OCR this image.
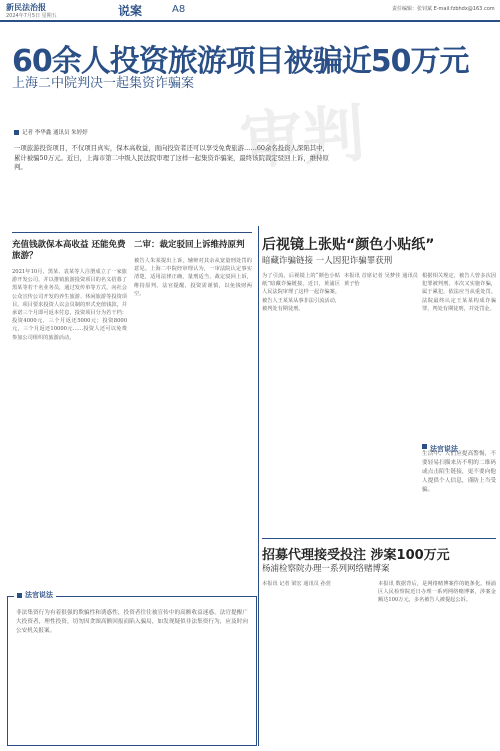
新民法治报
2024年7月5日 星期五	说案	A8	责任编辑：张钊斌 E-mail:fzbhdx@163.com
审判
60余人投资旅游项目被骗近50万元
上海二中院判决一起集资诈骗案
记者 李华鑫 通讯员 朱婷婷
一项旅游投资项目，不仅项目真实，保本高收益，面向投资者还可以享受免费旅游……60余名投资人深陷其中，累计被骗50万元。近日，上海市第二中级人民法院审理了这样一起集资诈骗案，最终该院裁定驳回上诉，维持原判。
充值钱款保本高收益 还能免费旅游？
2021年10月，黑某、袁某等人注册成立了一家旅游开发公司，并以推销旅游投资项目的名义招募了黑某等若干名业务员，通过发传单等方式，向社会公众宣传公司开发的养生旅游、休闲旅游等投资项目。项目要求投资人以会员制的形式充值钱款，并承诺三个月即可返本付息，投资项目分为若干档：投资4000元，三个月返还5000元；投资8000元，三个月返还10000元……投资人还可以免费参加公司组织的旅游活动。
二审：裁定驳回上诉维持原判
被告人朱某提出上诉，辅辩对其余从宽量刑处罚的意见。上海二中院经审理认为，一审法院认定事实清楚，适用法律正确，量刑适当，裁定驳回上诉，维持原判。法官提醒，投资需谨慎，以免钱财两空。
后视镜上张贴“颜色小贴纸”
暗藏诈骗链接 一人因犯诈骗罪获刑
为了引流，后视镜上的“颜色小贴纸”暗藏诈骗链接。近日，黄浦区人民法院审理了这样一起诈骗案。被告人王某某从事非法引流活动，被判处有期徒刑。
本报讯 首席记者 吴梦佳 通讯员 黄子怡
根据相关规定，被告人曾多次因犯罪被判刑，本次又实施诈骗，属于累犯，依法应当从重处罚。法院最终认定王某某构成诈骗罪，判处有期徒刑，并处罚金。
法官说法
生活中，人们应提高警惕，不要轻易扫描来历不明的二维码或点击陌生链接，更不要向他人提供个人信息，谨防上当受骗。
招募代理接受投注 涉案100万元
杨浦检察院办理一系列网络赌博案
本报讯 记者 梁宏 通讯员 孙萱	本报讯 数据背后，是网络赌博案件的链条化。杨浦区人民检察院近日办理一系列网络赌博案，涉案金额达100万元，多名被告人被提起公诉。
非法集资行为有着很强的欺骗性和诱惑性，投资者往往被宣传中的高额收益迷惑。法官提醒广大投资者，理性投资，切勿因贪图高额回报而陷入骗局，如发现疑似非法集资行为，应及时向公安机关报案。
法官说法
